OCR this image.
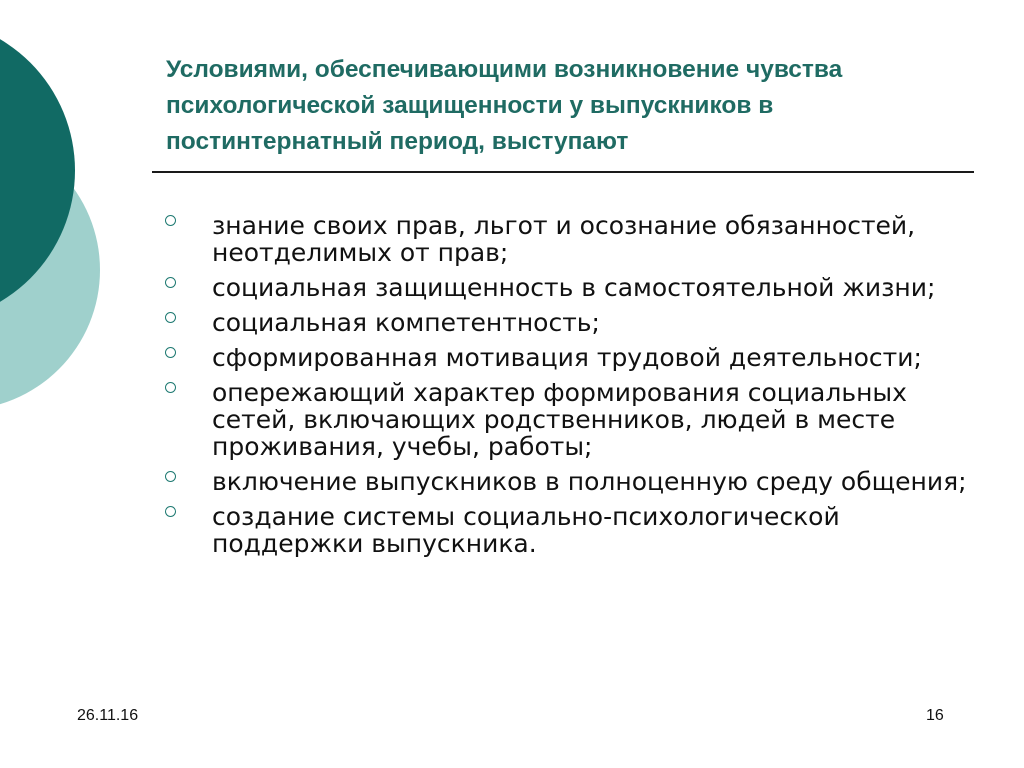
Условиями, обеспечивающими возникновение чувства психологической защищенности у выпускников в постинтернатный период, выступают
знание своих прав, льгот и осознание обязанностей, неотделимых от прав;
социальная защищенность в самостоятельной жизни;
социальная компетентность;
сформированная мотивация трудовой деятельности;
опережающий характер формирования социальных сетей, включающих родственников, людей в месте проживания, учебы, работы;
включение выпускников в полноценную среду общения;
создание системы социально-психологической поддержки выпускника.
26.11.16	16
